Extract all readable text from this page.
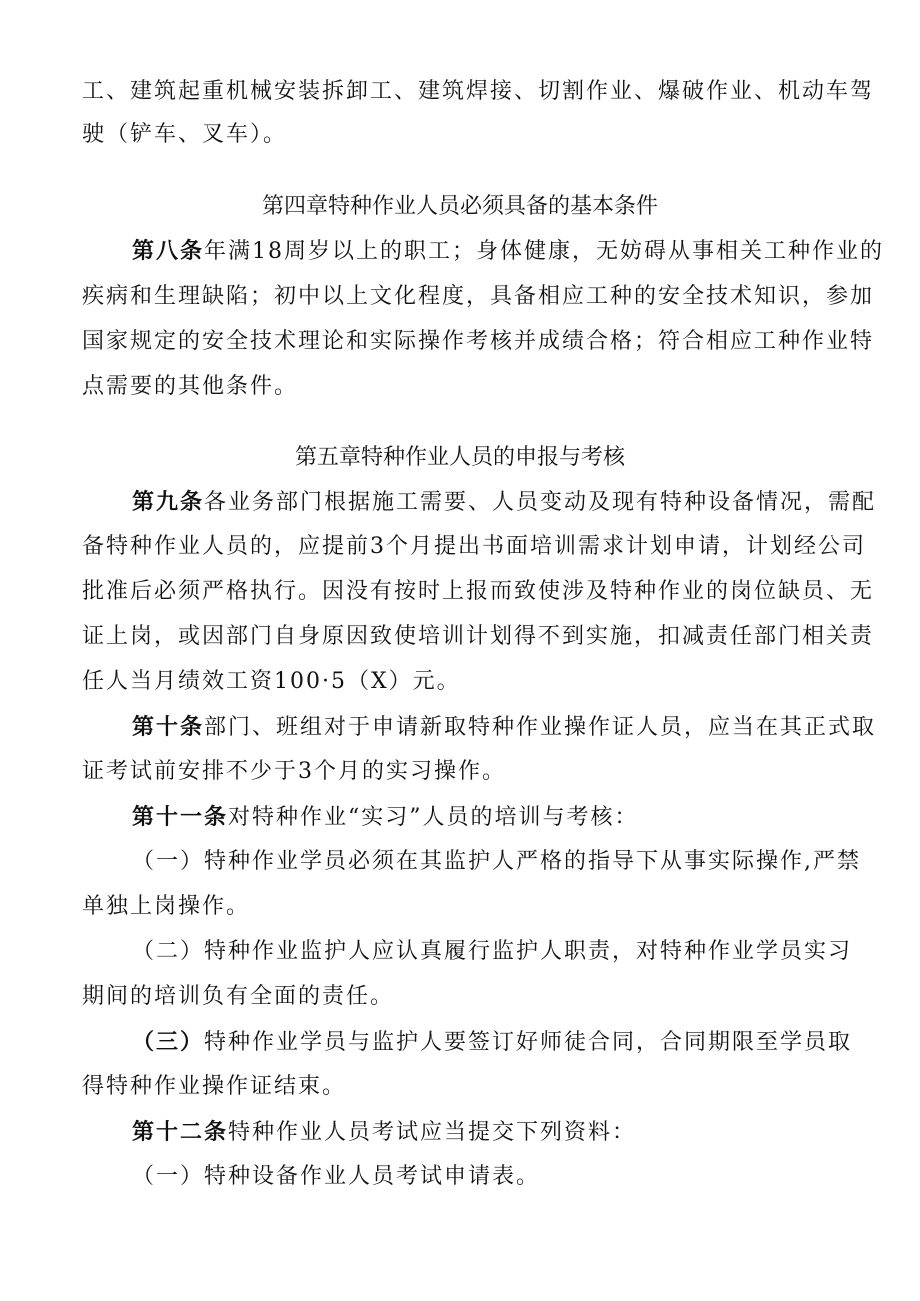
工、建筑起重机械安装拆卸工、建筑焊接、切割作业、爆破作业、机动车驾
驶（铲车、叉车）。
第四章特种作业人员必须具备的基本条件
第八条年满18周岁以上的职工；身体健康，无妨碍从事相关工种作业的
疾病和生理缺陷；初中以上文化程度，具备相应工种的安全技术知识，参加
国家规定的安全技术理论和实际操作考核并成绩合格；符合相应工种作业特
点需要的其他条件。
第五章特种作业人员的申报与考核
第九条各业务部门根据施工需要、人员变动及现有特种设备情况，需配
备特种作业人员的，应提前3个月提出书面培训需求计划申请，计划经公司
批准后必须严格执行。因没有按时上报而致使涉及特种作业的岗位缺员、无
证上岗，或因部门自身原因致使培训计划得不到实施，扣减责任部门相关责
任人当月绩效工资100·5（X）元。
第十条部门、班组对于申请新取特种作业操作证人员，应当在其正式取
证考试前安排不少于3个月的实习操作。
第十一条对特种作业“实习”人员的培训与考核：
（一）特种作业学员必须在其监护人严格的指导下从事实际操作,严禁
单独上岗操作。
（二）特种作业监护人应认真履行监护人职责，对特种作业学员实习
期间的培训负有全面的责任。
（三）特种作业学员与监护人要签订好师徒合同，合同期限至学员取
得特种作业操作证结束。
第十二条特种作业人员考试应当提交下列资料：
（一）特种设备作业人员考试申请表。
